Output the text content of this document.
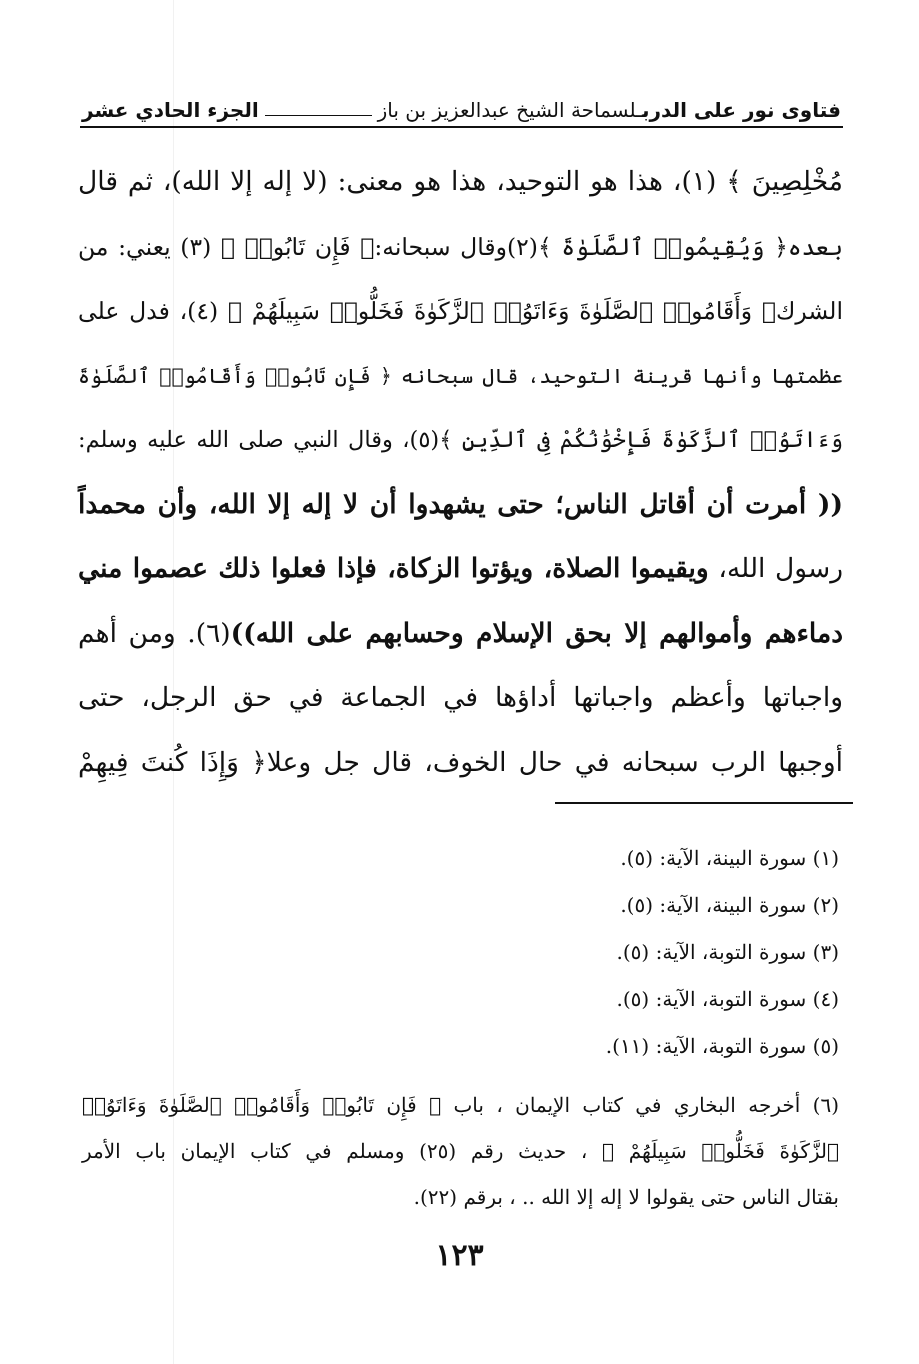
فتاوى نور على الدربـلسماحة الشيخ عبدالعزيز بن باز
الجزء الحادي عشر
مُخْلِصِينَ ﴾ (١)، هذا هو التوحيد، هذا هو معنى: (لا إله إلا الله)، ثم قال
بعده﴿ وَيُقِيمُوا۟ ٱلصَّلَوٰةَ ﴾(٢)وقال سبحانه:﴿ فَإِن تَابُوا۟ ﴾ (٣) يعني: من
الشرك﴿ وَأَقَامُوا۟ ٱلصَّلَوٰةَ وَءَاتَوُا۟ ٱلزَّكَوٰةَ فَخَلُّوا۟ سَبِيلَهُمْ ﴾ (٤)، فدل على
عظمتها وأنها قرينة التوحيد، قال سبحانه ﴿ فَإِن تَابُوا۟ وَأَقَامُوا۟ ٱلصَّلَوٰةَ
وَءَاتَوُا۟ ٱلزَّكَوٰةَ فَإِخْوَٰنُكُمْ فِى ٱلدِّينِ ﴾(٥)، وقال النبي صلى الله عليه وسلم:
(( أمرت أن أقاتل الناس؛ حتى يشهدوا أن لا إله إلا الله، وأن محمداً
رسول الله، ويقيموا الصلاة، ويؤتوا الزكاة، فإذا فعلوا ذلك عصموا مني
دماءهم وأموالهم إلا بحق الإسلام وحسابهم على الله))(٦). ومن أهم
واجباتها وأعظم واجباتها أداؤها في الجماعة في حق الرجل، حتى
أوجبها الرب سبحانه في حال الخوف، قال جل وعلا﴿ وَإِذَا كُنتَ فِيهِمْ
(١) سورة البينة، الآية: (٥).
(٢) سورة البينة، الآية: (٥).
(٣) سورة التوبة، الآية: (٥).
(٤) سورة التوبة، الآية: (٥).
(٥) سورة التوبة، الآية: (١١).
(٦) أخرجه البخاري في كتاب الإيمان ، باب ﴿ فَإِن تَابُوا۟ وَأَقَامُوا۟ ٱلصَّلَوٰةَ وَءَاتَوُا۟
ٱلزَّكَوٰةَ فَخَلُّوا۟ سَبِيلَهُمْ ﴾ ، حديث رقم (٢٥) ومسلم في كتاب الإيمان باب الأمر
بقتال الناس حتى يقولوا لا إله إلا الله .. ، برقم (٢٢).
١٢٣
